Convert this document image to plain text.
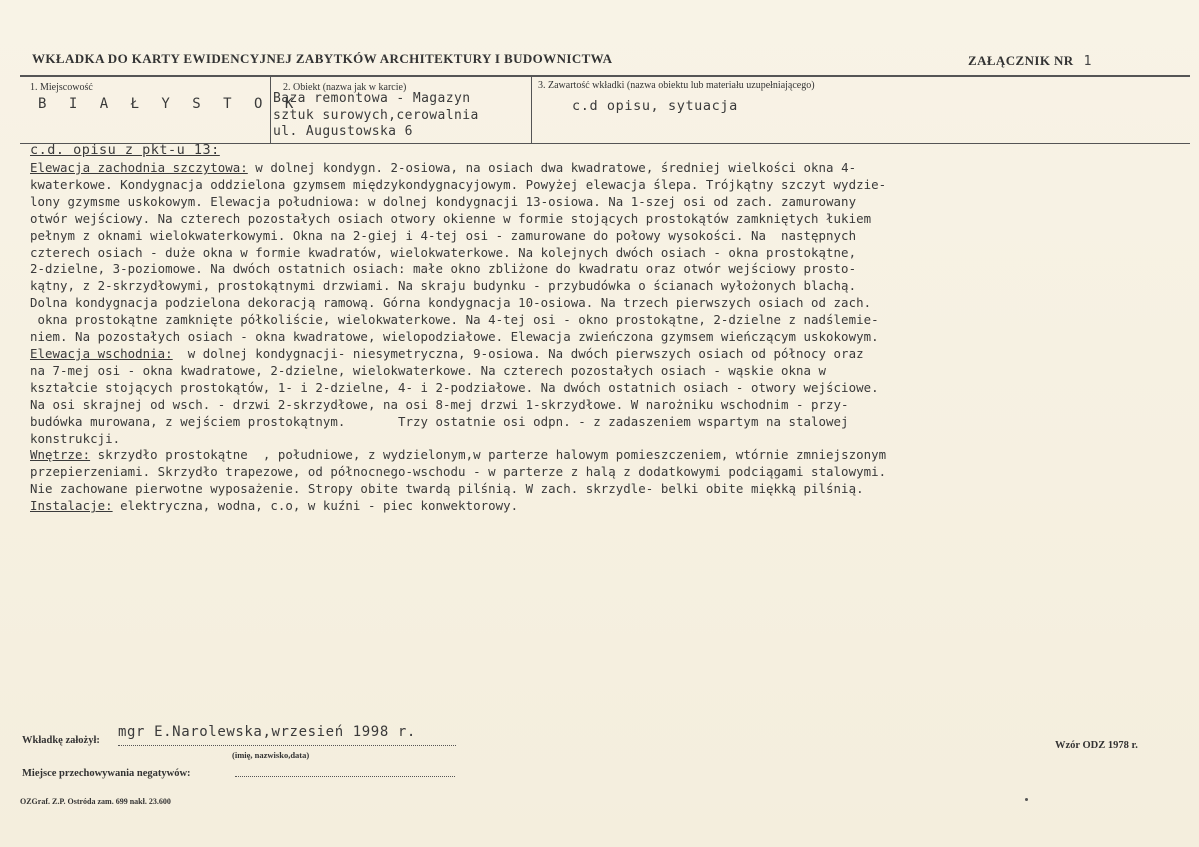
WKŁADKA DO KARTY EWIDENCYJNEJ ZABYTKÓW ARCHITEKTURY I BUDOWNICTWA	ZAŁĄCZNIK NR 1
1. Miejscowość
B I A Ł Y S T O K
2. Obiekt (nazwa jak w karcie)
Baza remontowa - Magazyn
sztuk surowych,cerowalnia
ul. Augustowska 6
3. Zawartość wkładki (nazwa obiektu lub materiału uzupełniającego)
c.d opisu, sytuacja
c.d. opisu z pkt-u 13:
Elewacja zachodnia szczytowa: w dolnej kondygn. 2-osiowa, na osiach dwa kwadratowe, średniej wielkości okna 4-
kwaterkowe. Kondygnacja oddzielona gzymsem międzykondygnacyjowym. Powyżej elewacja ślepa. Trójkątny szczyt wydzie-
lony gzymsme uskokowym. Elewacja południowa: w dolnej kondygnacji 13-osiowa. Na 1-szej osi od zach. zamurowany
otwór wejściowy. Na czterech pozostałych osiach otwory okienne w formie stojących prostokątów zamkniętych łukiem
pełnym z oknami wielokwaterkowymi. Okna na 2-giej i 4-tej osi - zamurowane do połowy wysokości. Na  następnych
czterech osiach - duże okna w formie kwadratów, wielokwaterkowe. Na kolejnych dwóch osiach - okna prostokątne,
2-dzielne, 3-poziomowe. Na dwóch ostatnich osiach: małe okno zbliżone do kwadratu oraz otwór wejściowy prosto-
kątny, z 2-skrzydłowymi, prostokątnymi drzwiami. Na skraju budynku - przybudówka o ścianach wyłożonych blachą.
Dolna kondygnacja podzielona dekoracją ramową. Górna kondygnacja 10-osiowa. Na trzech pierwszych osiach od zach.
okna prostokątne zamknięte półkoliście, wielokwaterkowe. Na 4-tej osi - okno prostokątne, 2-dzielne z nadślemie-
niem. Na pozostałych osiach - okna kwadratowe, wielopodziałowe. Elewacja zwieńczona gzymsem wieńczącym uskokowym.
Elewacja wschodnia:  w dolnej kondygnacji- niesymetryczna, 9-osiowa. Na dwóch pierwszych osiach od północy oraz
na 7-mej osi - okna kwadratowe, 2-dzielne, wielokwaterkowe. Na czterech pozostałych osiach - wąskie okna w
kształcie stojących prostokątów, 1- i 2-dzielne, 4- i 2-podziałowe. Na dwóch ostatnich osiach - otwory wejściowe.
Na osi skrajnej od wsch. - drzwi 2-skrzydłowe, na osi 8-mej drzwi 1-skrzydłowe. W narożniku wschodnim - przy-
budówka murowana, z wejściem prostokątnym.       Trzy ostatnie osi odpn. - z zadaszeniem wspartym na stalowej
konstrukcji.
Wnętrze: skrzydło prostokątne  , południowe, z wydzielonym,w parterze halowym pomieszczeniem, wtórnie zmniejszonym
przepierzeniami. Skrzydło trapezowe, od północnego-wschodu - w parterze z halą z dodatkowymi podciągami stalowymi.
Nie zachowane pierwotne wyposażenie. Stropy obite twardą pilśnią. W zach. skrzydle- belki obite miękką pilśnią.
Instalacje: elektryczna, wodna, c.o, w kuźni - piec konwektorowy.
Wkładkę założył:
mgr E.Narolewska,wrzesień 1998 r.
(imię, nazwisko,data)
Miejsce przechowywania negatywów:
Wzór ODZ 1978 r.
OZGraf. Z.P. Ostróda zam. 699 nakł. 23.600
